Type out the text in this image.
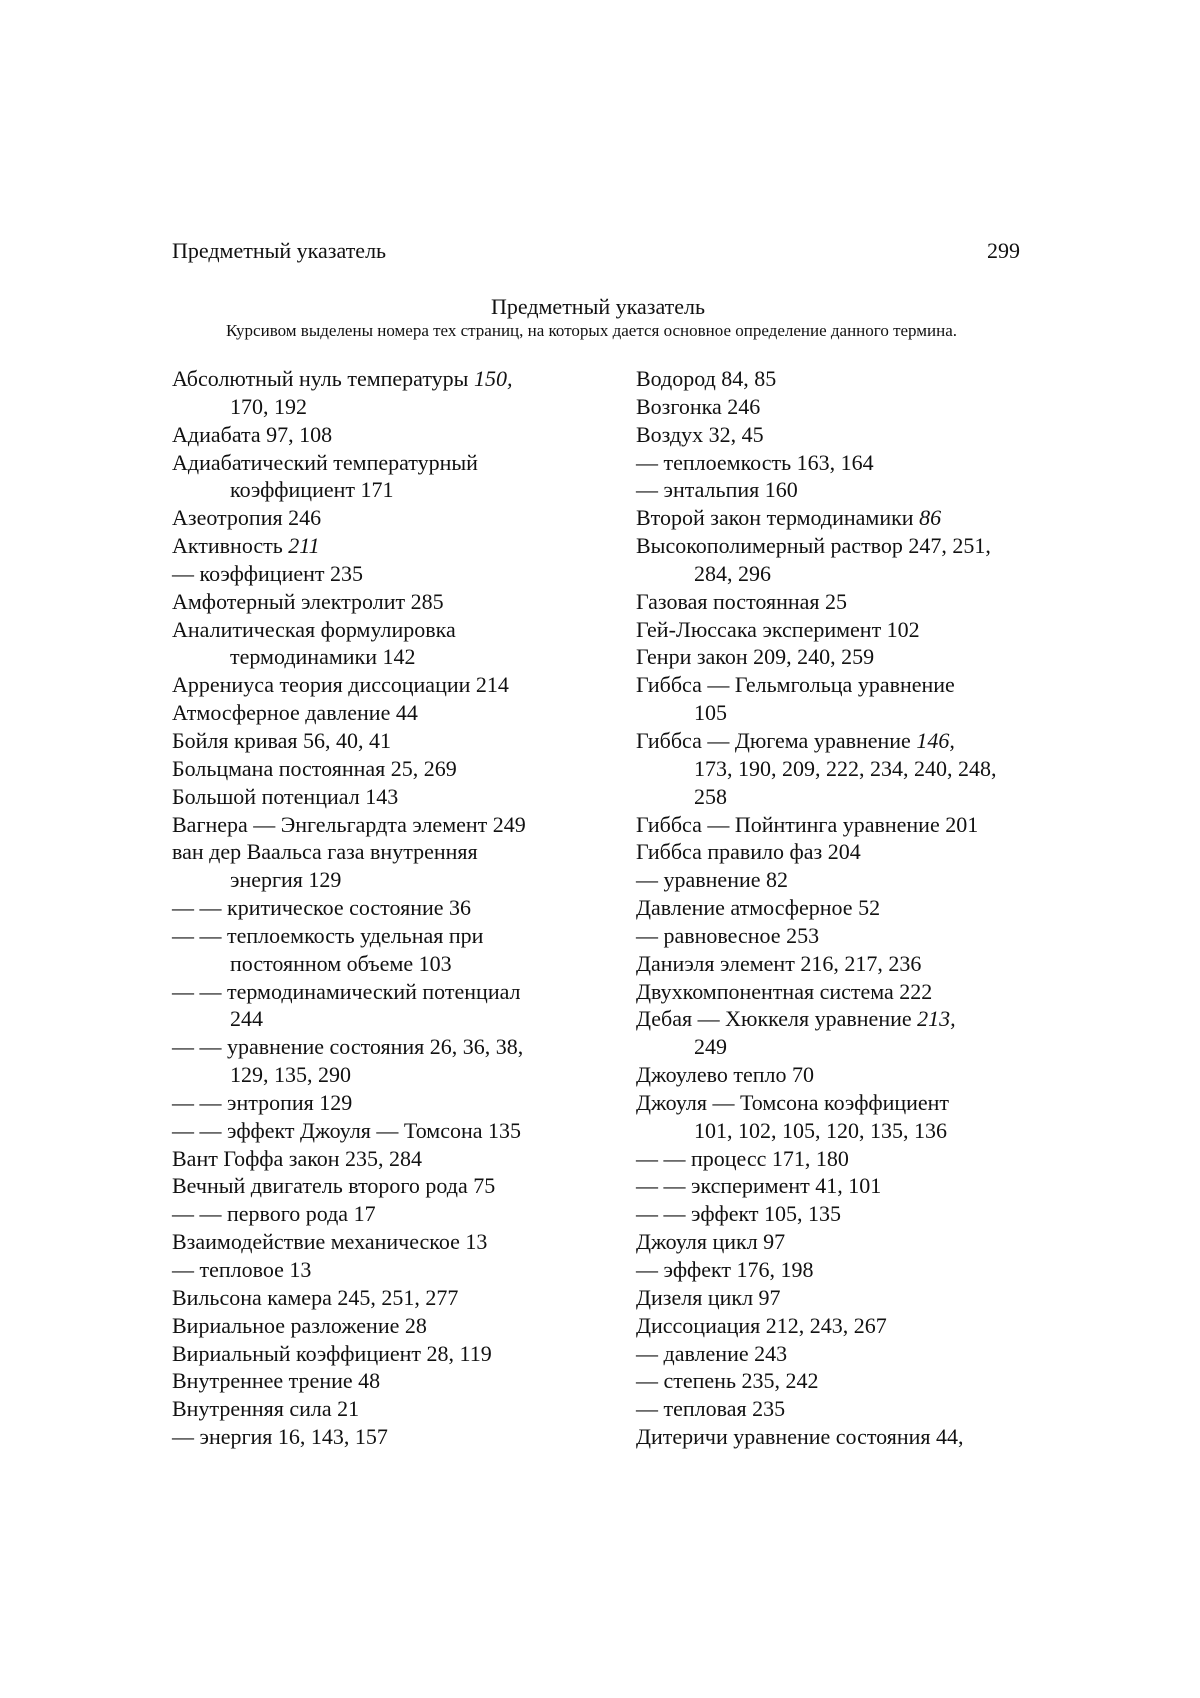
Предметный указатель	299
Предметный указатель
Курсивом выделены номера тех страниц, на которых дается основное определение данного термина.
Абсолютный нуль температуры 150,
170, 192
Адиабата 97, 108
Адиабатический температурный
коэффициент 171
Азеотропия 246
Активность 211
— коэффициент 235
Амфотерный электролит 285
Аналитическая формулировка
термодинамики 142
Аррениуса теория диссоциации 214
Атмосферное давление 44
Бойля кривая 56, 40, 41
Больцмана постоянная 25, 269
Большой потенциал 143
Вагнера — Энгельгардта элемент 249
ван дер Ваальса газа внутренняя
энергия 129
— — критическое состояние 36
— — теплоемкость удельная при
постоянном объеме 103
— — термодинамический потенциал
244
— — уравнение состояния 26, 36, 38,
129, 135, 290
— — энтропия 129
— — эффект Джоуля — Томсона 135
Вант Гоффа закон 235, 284
Вечный двигатель второго рода 75
— — первого рода 17
Взаимодействие механическое 13
— тепловое 13
Вильсона камера 245, 251, 277
Вириальное разложение 28
Вириальный коэффициент 28, 119
Внутреннее трение 48
Внутренняя сила 21
— энергия 16, 143, 157
Водород 84, 85
Возгонка 246
Воздух 32, 45
— теплоемкость 163, 164
— энтальпия 160
Второй закон термодинамики 86
Высокополимерный раствор 247, 251,
284, 296
Газовая постоянная 25
Гей-Люссака эксперимент 102
Генри закон 209, 240, 259
Гиббса — Гельмгольца уравнение
105
Гиббса — Дюгема уравнение 146,
173, 190, 209, 222, 234, 240, 248,
258
Гиббса — Пойнтинга уравнение 201
Гиббса правило фаз 204
— уравнение 82
Давление атмосферное 52
— равновесное 253
Даниэля элемент 216, 217, 236
Двухкомпонентная система 222
Дебая — Хюккеля уравнение 213,
249
Джоулево тепло 70
Джоуля — Томсона коэффициент
101, 102, 105, 120, 135, 136
— — процесс 171, 180
— — эксперимент 41, 101
— — эффект 105, 135
Джоуля цикл 97
— эффект 176, 198
Дизеля цикл 97
Диссоциация 212, 243, 267
— давление 243
— степень 235, 242
— тепловая 235
Дитеричи уравнение состояния 44,
